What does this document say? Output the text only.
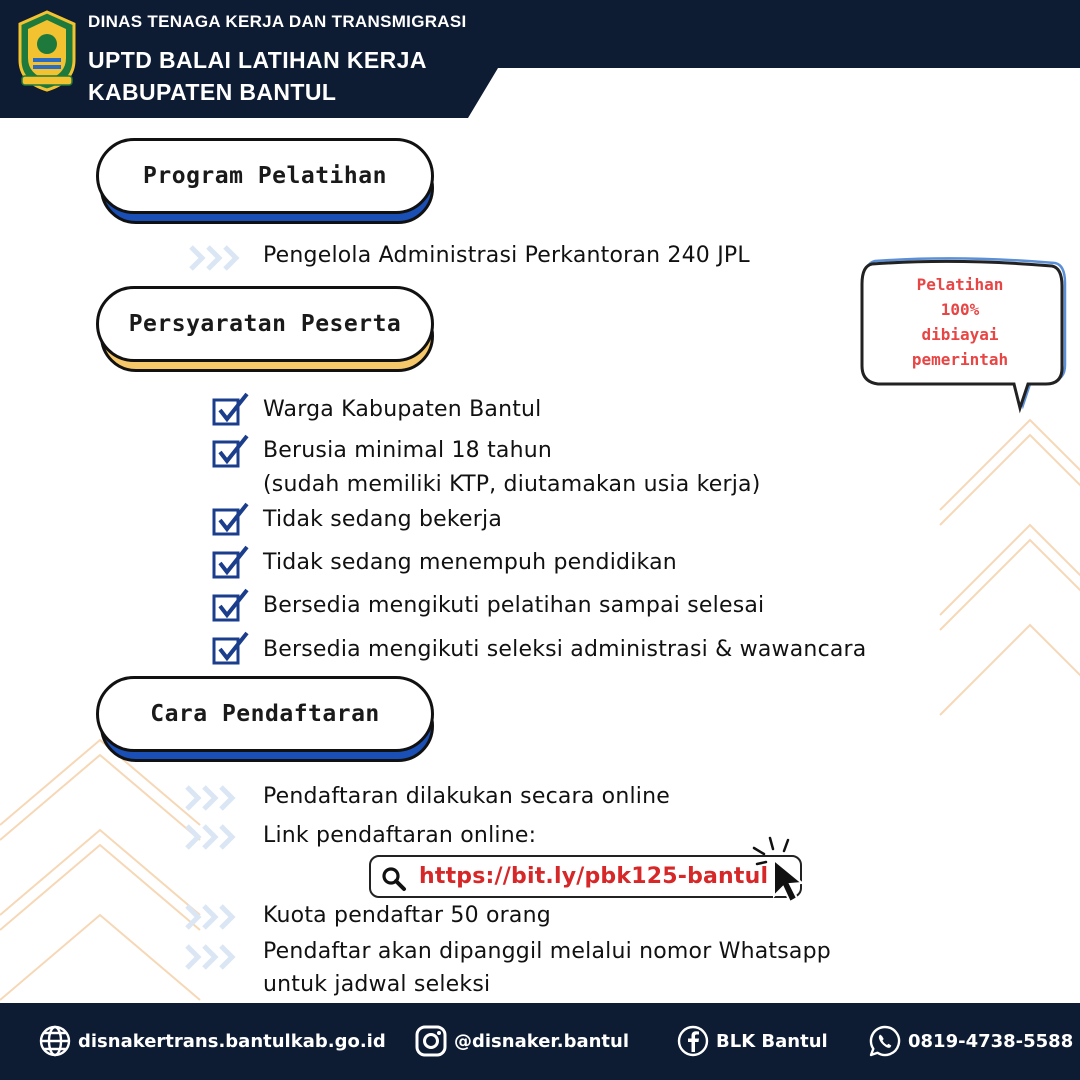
DINAS TENAGA KERJA DAN TRANSMIGRASI
UPTD BALAI LATIHAN KERJA
KABUPATEN BANTUL
Program Pelatihan
Pengelola Administrasi Perkantoran 240 JPL
Persyaratan Peserta
Warga Kabupaten Bantul
Berusia minimal 18 tahun
(sudah memiliki KTP, diutamakan usia kerja)
Tidak sedang bekerja
Tidak sedang menempuh pendidikan
Bersedia mengikuti pelatihan sampai selesai
Bersedia mengikuti seleksi administrasi & wawancara
Cara Pendaftaran
Pendaftaran dilakukan secara online
Link pendaftaran online:
https://bit.ly/pbk125-bantul
Kuota pendaftar 50 orang
Pendaftar akan dipanggil melalui nomor Whatsapp
untuk jadwal seleksi
Pelatihan
100%
dibiayai
pemerintah
disnakertrans.bantulkab.go.id	@disnaker.bantul	BLK Bantul	0819-4738-5588
